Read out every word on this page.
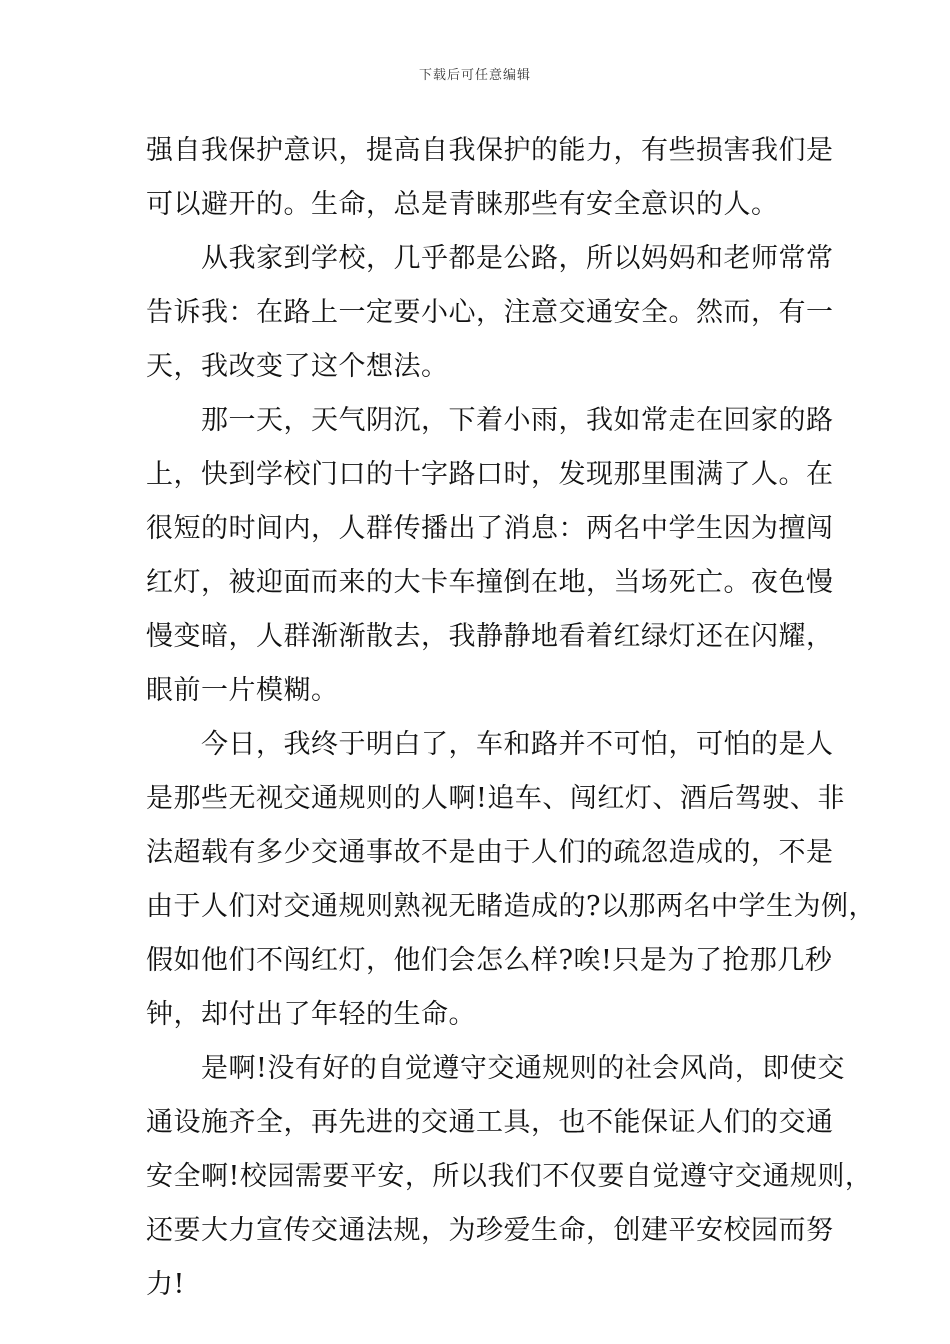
下载后可任意编辑
强自我保护意识，提高自我保护的能力，有些损害我们是
可以避开的。生命，总是青睐那些有安全意识的人。
　　从我家到学校，几乎都是公路，所以妈妈和老师常常
告诉我：在路上一定要小心，注意交通安全。然而，有一
天，我改变了这个想法。
　　那一天，天气阴沉，下着小雨，我如常走在回家的路
上，快到学校门口的十字路口时，发现那里围满了人。在
很短的时间内，人群传播出了消息：两名中学生因为擅闯
红灯，被迎面而来的大卡车撞倒在地，当场死亡。夜色慢
慢变暗，人群渐渐散去，我静静地看着红绿灯还在闪耀，
眼前一片模糊。
　　今日，我终于明白了，车和路并不可怕，可怕的是人
是那些无视交通规则的人啊!追车、闯红灯、酒后驾驶、非
法超载有多少交通事故不是由于人们的疏忽造成的，不是
由于人们对交通规则熟视无睹造成的?以那两名中学生为例，
假如他们不闯红灯，他们会怎么样?唉!只是为了抢那几秒
钟，却付出了年轻的生命。
　　是啊!没有好的自觉遵守交通规则的社会风尚，即使交
通设施齐全，再先进的交通工具，也不能保证人们的交通
安全啊!校园需要平安，所以我们不仅要自觉遵守交通规则，
还要大力宣传交通法规，为珍爱生命，创建平安校园而努
力!
